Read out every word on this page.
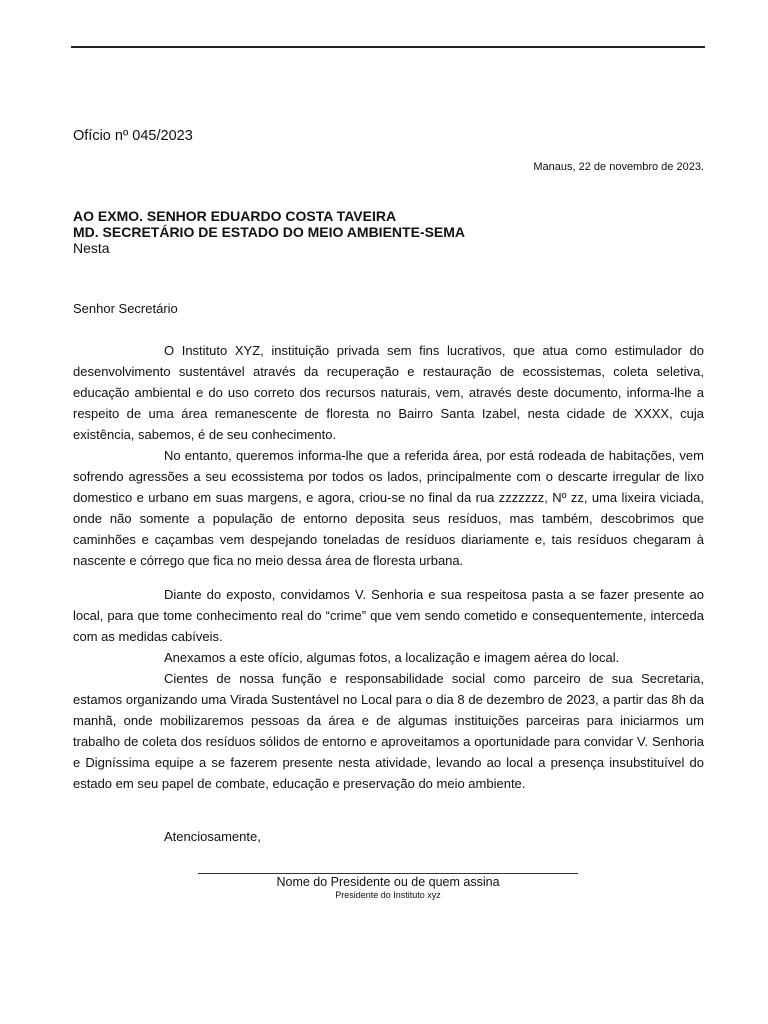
Ofício nº 045/2023
Manaus, 22 de novembro de 2023.
AO EXMO. SENHOR EDUARDO COSTA TAVEIRA
MD. SECRETÁRIO DE ESTADO DO MEIO AMBIENTE-SEMA
Nesta
Senhor Secretário

O Instituto XYZ, instituição privada sem fins lucrativos, que atua como estimulador do desenvolvimento sustentável através da recuperação e restauração de ecossistemas, coleta seletiva, educação ambiental e do uso correto dos recursos naturais, vem, através deste documento, informa-lhe a respeito de uma área remanescente de floresta no Bairro Santa Izabel, nesta cidade de XXXX, cuja existência, sabemos, é de seu conhecimento.

No entanto, queremos informa-lhe que a referida área, por está rodeada de habitações, vem sofrendo agressões a seu ecossistema por todos os lados, principalmente com o descarte irregular de lixo domestico e urbano em suas margens, e agora, criou-se no final da rua zzzzzzz, Nº zz, uma lixeira viciada, onde não somente a população de entorno deposita seus resíduos, mas também, descobrimos que caminhões e caçambas vem despejando toneladas de resíduos diariamente e, tais resíduos chegaram à nascente e córrego que fica no meio dessa área de floresta urbana.

Diante do exposto, convidamos V. Senhoria e sua respeitosa pasta a se fazer presente ao local, para que tome conhecimento real do “crime” que vem sendo cometido e consequentemente, interceda com as medidas cabíveis.

Anexamos a este ofício, algumas fotos, a localização e imagem aérea do local.

Cientes de nossa função e responsabilidade social como parceiro de sua Secretaria, estamos organizando uma Virada Sustentável no Local para o dia 8 de dezembro de 2023, a partir das 8h da manhã, onde mobilizaremos pessoas da área e de algumas instituições parceiras para iniciarmos um trabalho de coleta dos resíduos sólidos de entorno e aproveitamos a oportunidade para convidar V. Senhoria e Digníssima equipe a se fazerem presente nesta atividade, levando ao local a presença insubstituível do estado em seu papel de combate, educação e preservação do meio ambiente.

Atenciosamente,
Nome do Presidente ou de quem assina
Presidente do Instituto xyz
